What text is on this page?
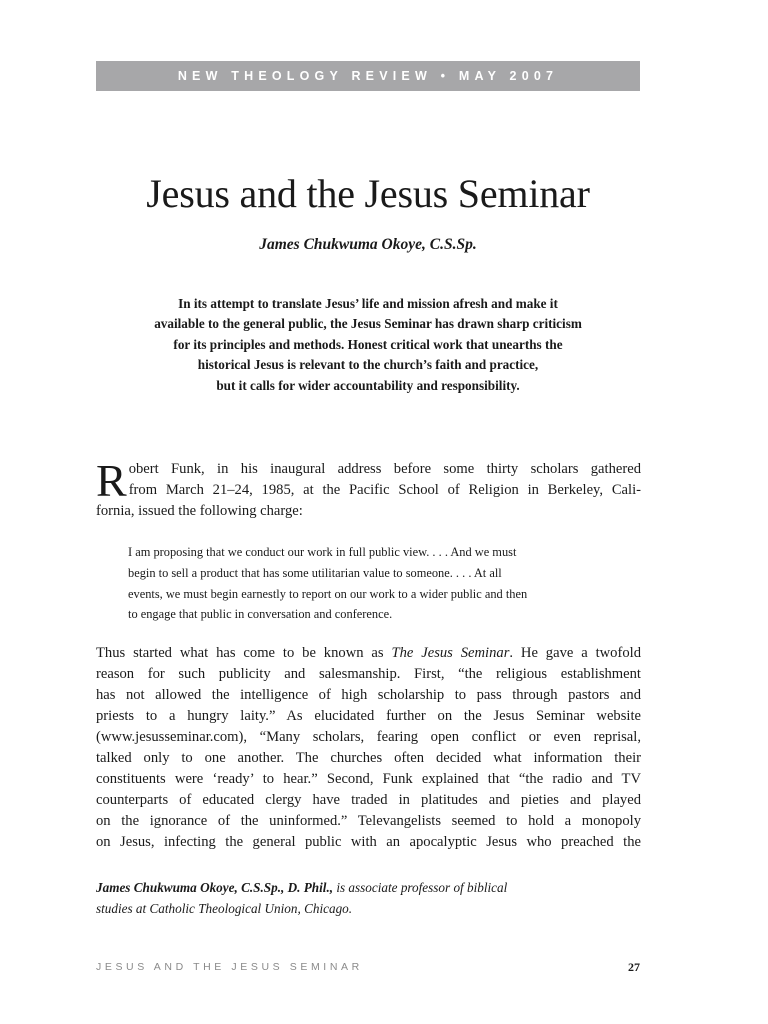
NEW THEOLOGY REVIEW • MAY 2007
Jesus and the Jesus Seminar
James Chukwuma Okoye, C.S.Sp.
In its attempt to translate Jesus’ life and mission afresh and make it
available to the general public, the Jesus Seminar has drawn sharp criticism
for its principles and methods. Honest critical work that unearths the
historical Jesus is relevant to the church’s faith and practice,
but it calls for wider accountability and responsibility.
R obert Funk, in his inaugural address before some thirty scholars gathered
from March 21–24, 1985, at the Pacific School of Religion in Berkeley, Cali-
fornia, issued the following charge:
I am proposing that we conduct our work in full public view. . . . And we must
begin to sell a product that has some utilitarian value to someone. . . . At all
events, we must begin earnestly to report on our work to a wider public and then
to engage that public in conversation and conference.
Thus started what has come to be known as The Jesus Seminar. He gave a twofold
reason for such publicity and salesmanship. First, “the religious establishment
has not allowed the intelligence of high scholarship to pass through pastors and
priests to a hungry laity.” As elucidated further on the Jesus Seminar website
(www.jesusseminar.com), “Many scholars, fearing open conflict or even reprisal,
talked only to one another. The churches often decided what information their
constituents were ‘ready’ to hear.” Second, Funk explained that “the radio and TV
counterparts of educated clergy have traded in platitudes and pieties and played
on the ignorance of the uninformed.” Televangelists seemed to hold a monopoly
on Jesus, infecting the general public with an apocalyptic Jesus who preached the
James Chukwuma Okoye, C.S.Sp., D. Phil., is associate professor of biblical
studies at Catholic Theological Union, Chicago.
JESUS AND THE JESUS SEMINAR	27
